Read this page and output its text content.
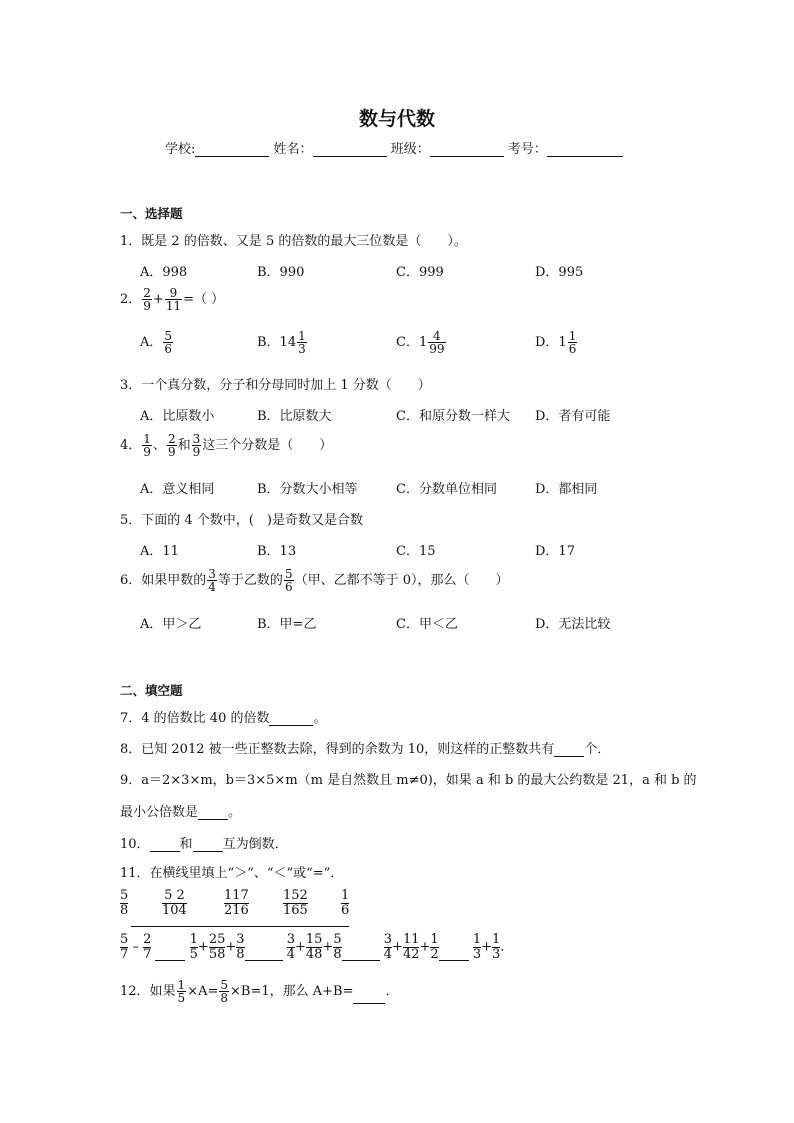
数与代数
学校:	姓名：	班级：	考号：
一、选择题
1．既是 2 的倍数、又是 5 的倍数的最大三位数是（　　）。
A．998	B．990	C．999	D．995
2． $\frac{2}{9} + \frac{9}{11}$ =（ ）
A． $\frac{5}{6}$	B．$14 \frac{1}{3}$	C．$1 \frac{4}{99}$	D．$1 \frac{1}{6}$
3．一个真分数，分子和分母同时加上 1 分数（　　）
A．比原数小	B．比原数大	C．和原分数一样大 D．者有可能
4． $\frac{1}{9}$ 、 $\frac{2}{9}$ 和 $\frac{3}{9}$ 这三个分数是（　　）
A．意义相同	B．分数大小相等	C．分数单位相同	D．都相同
5．下面的 4 个数中，(　)是奇数又是合数
A．11	B．13	C．15	D．17
6．如果甲数的 $\frac{3}{4}$ 等于乙数的 $\frac{5}{6}$ （甲、乙都不等于 0），那么（　　）
A．甲＞乙	B．甲=乙	C．甲＜乙	D．无法比较
二、填空题
7．4 的倍数比 40 的倍数	。
8．已知 2012 被一些正整数去除，得到的余数为 10，则这样的正整数共有 个．
9．a＝2×3×m，b＝3×5×m（m 是自然数且 m≠0)，如果 a 和 b 的最大公约数是 21，a 和 b 的
最小公倍数是 。
10． 和 互为倒数．
11．在横线里填上“＞”、“＜”或“=”．
5
8
5 2
104
117
216
152
165
1
6
$\frac{5}{7} - \frac{2}{7}$
	$\frac{1}{5} + \frac{25}{58} + \frac{3}{8}$
	$\frac{3}{4} + \frac{15}{48} + \frac{5}{8}$
	$\frac{3}{4} + \frac{11}{42} + \frac{1}{2}$
	$\frac{1}{3} + \frac{1}{3}$ ．
12．如果 $\frac{1}{5} \times A= \frac{5}{8} \times B=1$，那么 A+B= ．
